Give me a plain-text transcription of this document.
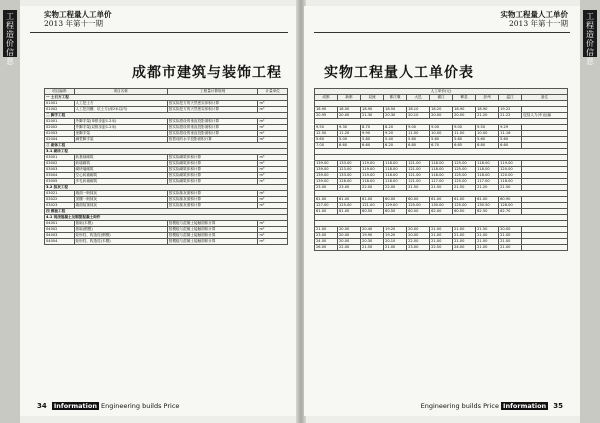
工程造价信息
工程造价信息
实物工程量人工单价
2013 年第十一期
成都市建筑与装饰工程
项目编码	项目名称	工程量计算规则	计量单位
一 土石方工程			
01001	人工挖土方	按实际挖方的天然密实体积计算	m³
01002	人工挖沟槽、坑土方(深2米以内)	按实际挖方的天然密实体积计算	m³
二 脚手工程			
02001	外脚手架(单排步距1.2米)	按实际搭设的垂直投影面积计算	m²
02002	外脚手架(双排步距1.2米)	按实际搭设的垂直投影面积计算	m²
02003	里脚手架	按实际搭设的垂直投影面积计算	m²
02004	满堂脚手架	按搭设的水平投影面积计算	m²
三 砌体工程			
3.1 砌砖工程			
03001	砖基础砌筑	按实际砌筑体积计算	m³
03002	砖墙砌筑	按实际砌筑体积计算	m³
03003	砌块墙砌筑	按实际砌筑体积计算	m³
03004	空心砖墙砌筑	按实际砌筑体积计算	m³
03005	多孔砖墙砌筑	按实际砌筑体积计算	m³
3.2 抹灰工程			
03021	墙面一般抹灰	按实际抹灰面积计算	m²
03022	顶棚一般抹灰	按实际抹灰面积计算	m²
03023	墙面装饰抹灰	按实际抹灰面积计算	m²
四 模板工程			
4.1 现浇混凝土及钢筋混凝土构件			
04001	基础(木模)	按模板与混凝土接触面积计算	m²
04002	基础(钢模)	按模板与混凝土接触面积计算	m²
04003	矩形柱、构造柱(钢模)	按模板与混凝土接触面积计算	m²
04004	矩形柱、构造柱(木模)	按模板与混凝土接触面积计算	m²
34 Information Engineering builds Price
实物工程量人工单价
2013 年第十一期
实物工程量人工单价表
人工单价(元)									
成都	新都	双流	都江堰	大邑	蒲江	郫县	彭州	温江	备注

18.90	18.00	18.90	18.50	18.10	18.20	18.90	18.90	19.22	
20.95	20.00	21.30	20.30	20.10	20.00	20.00	21.20	21.22	包括人力(车)运输

9.50	9.30	8.70	8.20	9.00	9.00	9.00	9.50	9.29	
12.50	11.20	9.90	9.20	11.00	10.00	11.00	10.00	11.16	
5.60	5.00	5.80	5.40	5.60	5.60	5.60	5.60	5.60	
7.00	6.60	6.60	6.20	6.80	6.70	6.65	6.80	6.60	

139.00	133.00	119.00	118.00	121.00	118.00	125.00	118.00	119.00	
139.00	123.00	119.00	118.00	121.00	118.00	125.00	118.00	120.00	
139.00	133.00	119.00	118.00	121.00	118.00	125.00	118.00	120.00	
139.00	128.00	118.00	118.00	121.00	117.00	125.00	117.00	118.00	
23.00	23.00	22.00	22.00	21.50	21.50	21.50	21.20	21.50	

61.00	61.00	61.00	60.00	60.00	61.00	61.00	61.00	60.90	
127.00	125.00	121.00	129.00	125.00	130.00	125.00	130.50	128.00	
61.00	61.00	60.50	60.50	60.00	62.00	60.00	62.50	62.70	

21.00	20.00	20.40	19.20	20.00	21.00	21.00	21.50	20.00	
23.00	20.00	19.90	19.20	20.00	21.00	21.00	21.00	21.00	
24.00	20.00	20.30	20.10	22.00	21.00	21.00	21.00	21.00	
26.00	22.00	21.50	21.00	23.00	22.50	24.00	21.00	21.00	
Engineering builds Price Information 35
